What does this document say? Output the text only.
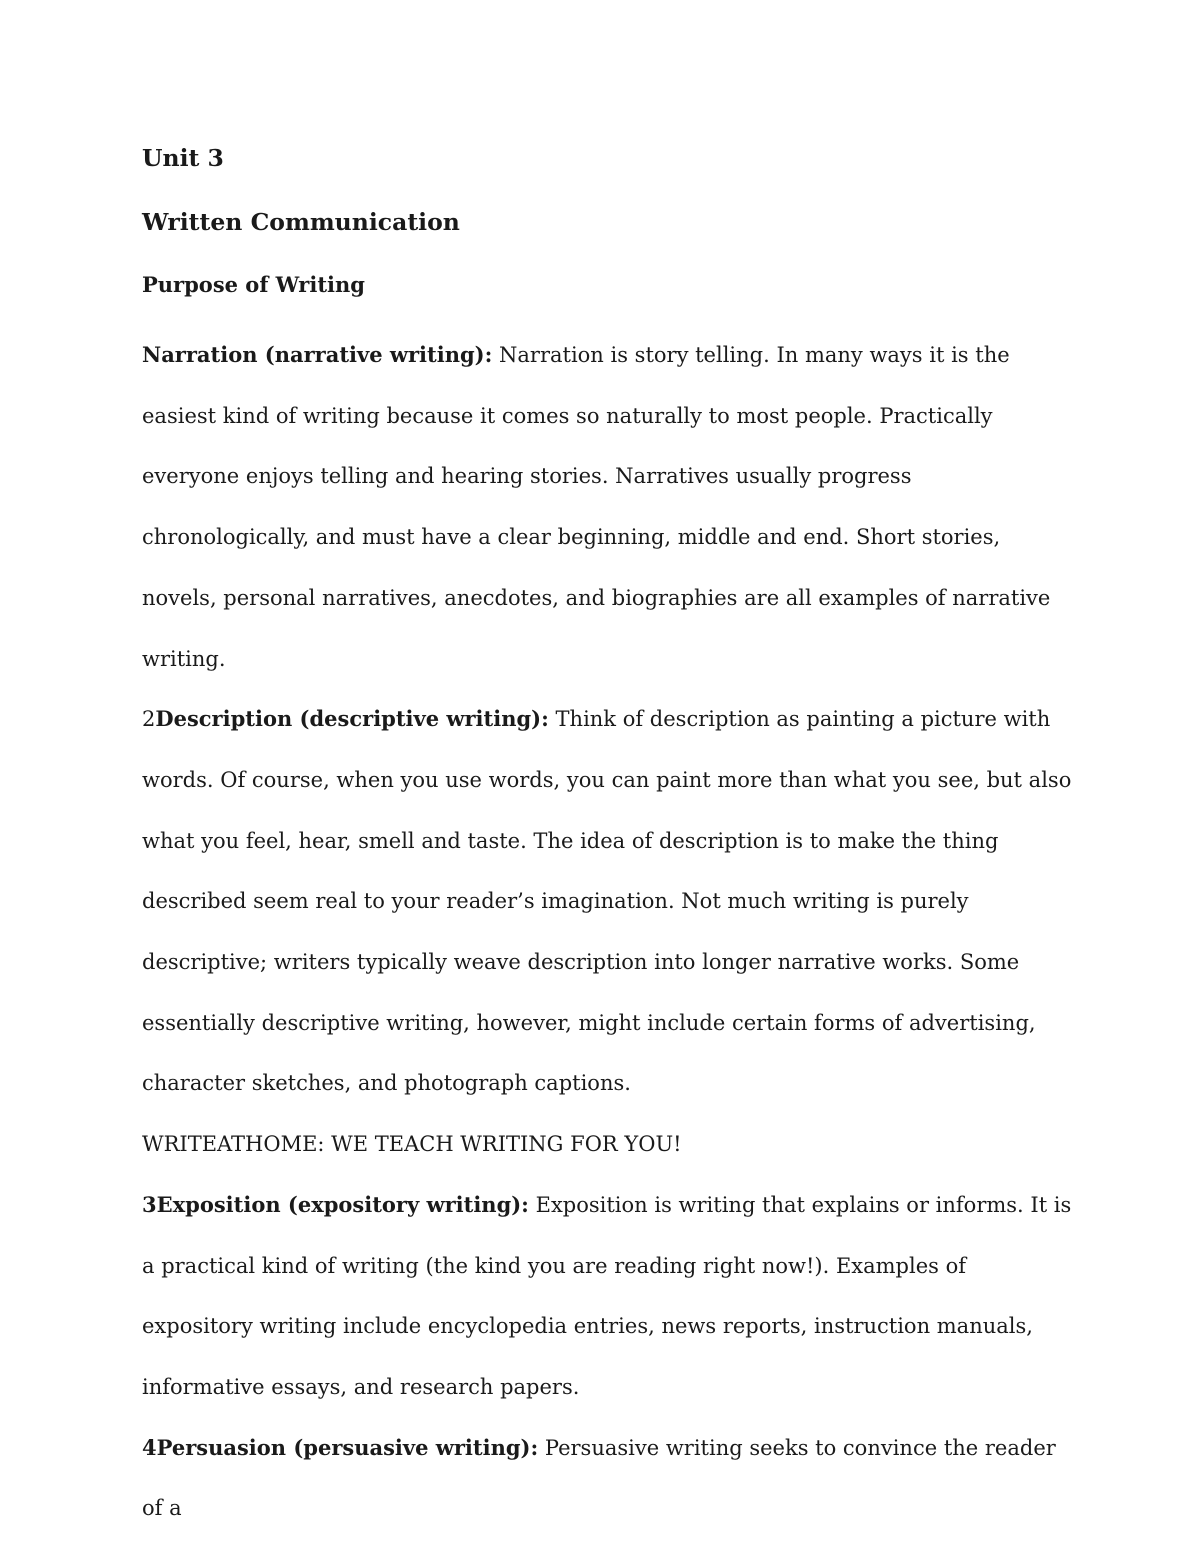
Unit 3

Written Communication

Purpose of Writing

Narration (narrative writing): Narration is story telling. In many ways it is the easiest kind of writing because it comes so naturally to most people. Practically everyone enjoys telling and hearing stories. Narratives usually progress chronologically, and must have a clear beginning, middle and end. Short stories, novels, personal narratives, anecdotes, and biographies are all examples of narrative writing.

2Description (descriptive writing): Think of description as painting a picture with words. Of course, when you use words, you can paint more than what you see, but also what you feel, hear, smell and taste. The idea of description is to make the thing described seem real to your reader’s imagination. Not much writing is purely descriptive; writers typically weave description into longer narrative works. Some essentially descriptive writing, however, might include certain forms of advertising, character sketches, and photograph captions.

WRITEATHOME: WE TEACH WRITING FOR YOU!

3Exposition (expository writing): Exposition is writing that explains or informs. It is a practical kind of writing (the kind you are reading right now!). Examples of expository writing include encyclopedia entries, news reports, instruction manuals, informative essays, and research papers.

4Persuasion (persuasive writing): Persuasive writing seeks to convince the reader of a
